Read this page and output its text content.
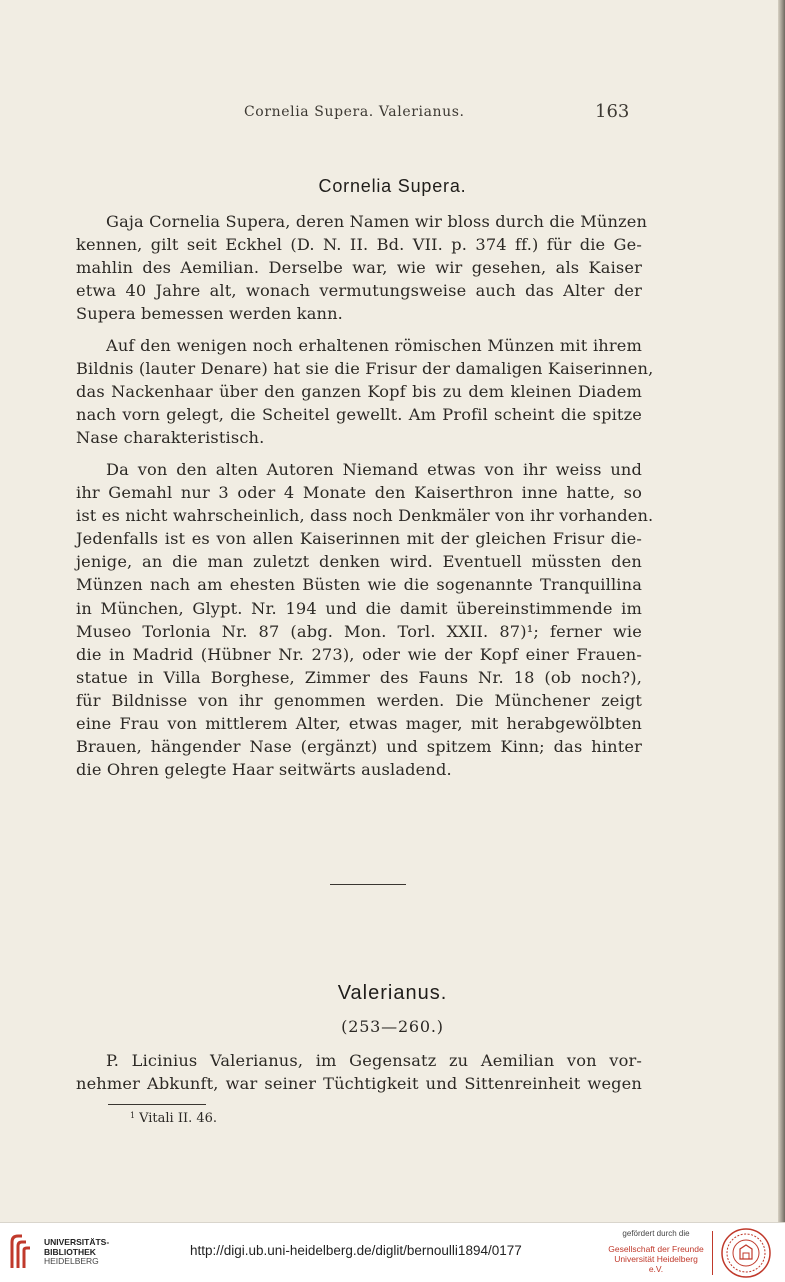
Cornelia Supera. Valerianus.	163
Cornelia Supera.
Gaja Cornelia Supera, deren Namen wir bloss durch die Münzen
kennen, gilt seit Eckhel (D. N. II. Bd. VII. p. 374 ff.) für die Ge-
mahlin des Aemilian. Derselbe war, wie wir gesehen, als Kaiser
etwa 40 Jahre alt, wonach vermutungsweise auch das Alter der
Supera bemessen werden kann.
Auf den wenigen noch erhaltenen römischen Münzen mit ihrem
Bildnis (lauter Denare) hat sie die Frisur der damaligen Kaiserinnen,
das Nackenhaar über den ganzen Kopf bis zu dem kleinen Diadem
nach vorn gelegt, die Scheitel gewellt. Am Profil scheint die spitze
Nase charakteristisch.
Da von den alten Autoren Niemand etwas von ihr weiss und
ihr Gemahl nur 3 oder 4 Monate den Kaiserthron inne hatte, so
ist es nicht wahrscheinlich, dass noch Denkmäler von ihr vorhanden.
Jedenfalls ist es von allen Kaiserinnen mit der gleichen Frisur die-
jenige, an die man zuletzt denken wird. Eventuell müssten den
Münzen nach am ehesten Büsten wie die sogenannte Tranquillina
in München, Glypt. Nr. 194 und die damit übereinstimmende im
Museo Torlonia Nr. 87 (abg. Mon. Torl. XXII. 87)¹; ferner wie
die in Madrid (Hübner Nr. 273), oder wie der Kopf einer Frauen-
statue in Villa Borghese, Zimmer des Fauns Nr. 18 (ob noch?),
für Bildnisse von ihr genommen werden. Die Münchener zeigt
eine Frau von mittlerem Alter, etwas mager, mit herabgewölbten
Brauen, hängender Nase (ergänzt) und spitzem Kinn; das hinter
die Ohren gelegte Haar seitwärts ausladend.
Valerianus.
(253—260.)
P. Licinius Valerianus, im Gegensatz zu Aemilian von vor-
nehmer Abkunft, war seiner Tüchtigkeit und Sittenreinheit wegen
$^1$ Vitali II. 46.
UNIVERSITÄTS-
BIBLIOTHEK
HEIDELBERG
http://digi.ub.uni-heidelberg.de/diglit/bernoulli1894/0177
gefördert durch die
Gesellschaft der Freunde
Universität Heidelberg e.V.
